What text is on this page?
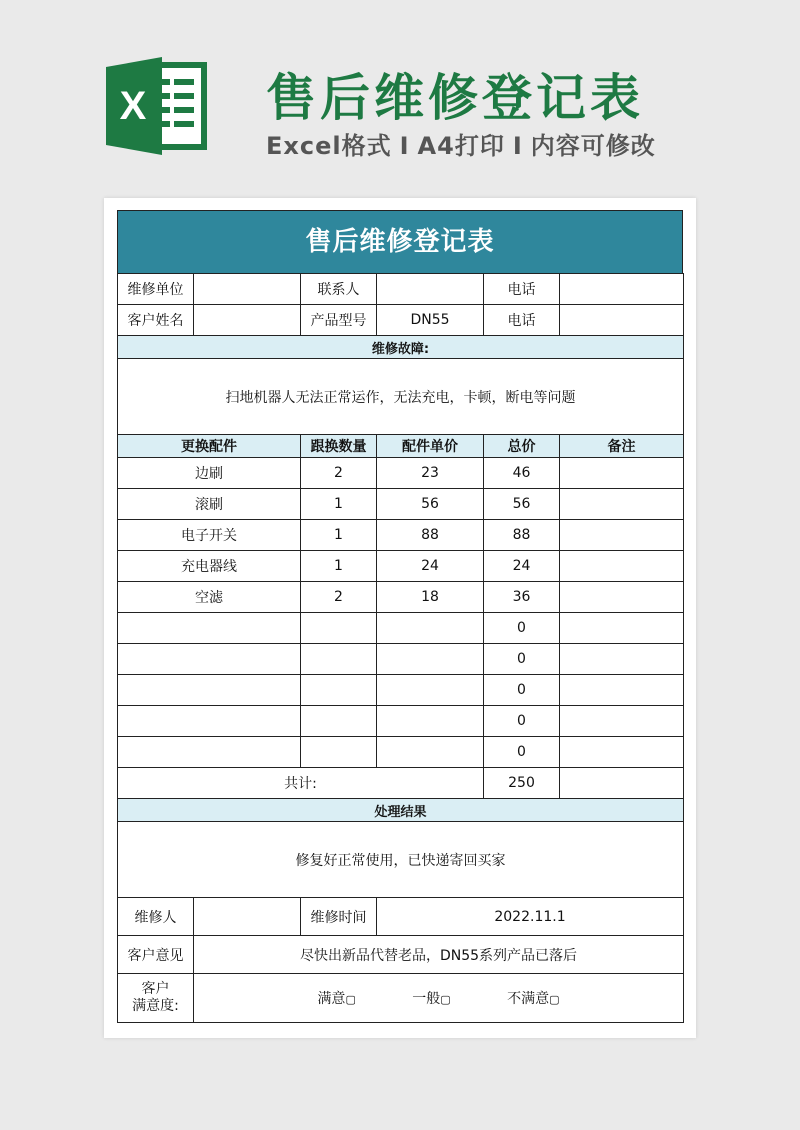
X 售后维修登记表
Excel格式 I A4打印 I 内容可修改
售后维修登记表
维修单位		联系人		电话	
客户姓名		产品型号	DN55	电话	
维修故障:					
扫地机器人无法正常运作，无法充电，卡顿，断电等问题					
更换配件		跟换数量	配件单价	总价	备注
边刷		2	23	46	
滚刷		1	56	56	
电子开关		1	88	88	
充电器线		1	24	24	
空滤		2	18	36	
				0	
				0	
				0	
				0	
				0	
共计:				250	
处理结果					
修复好正常使用，已快递寄回买家					
维修人		维修时间	2022.11.1		
客户意见	尽快出新品代替老品，DN55系列产品已落后				

客户
满意度:	满意▢ 一般▢ 不满意▢				
